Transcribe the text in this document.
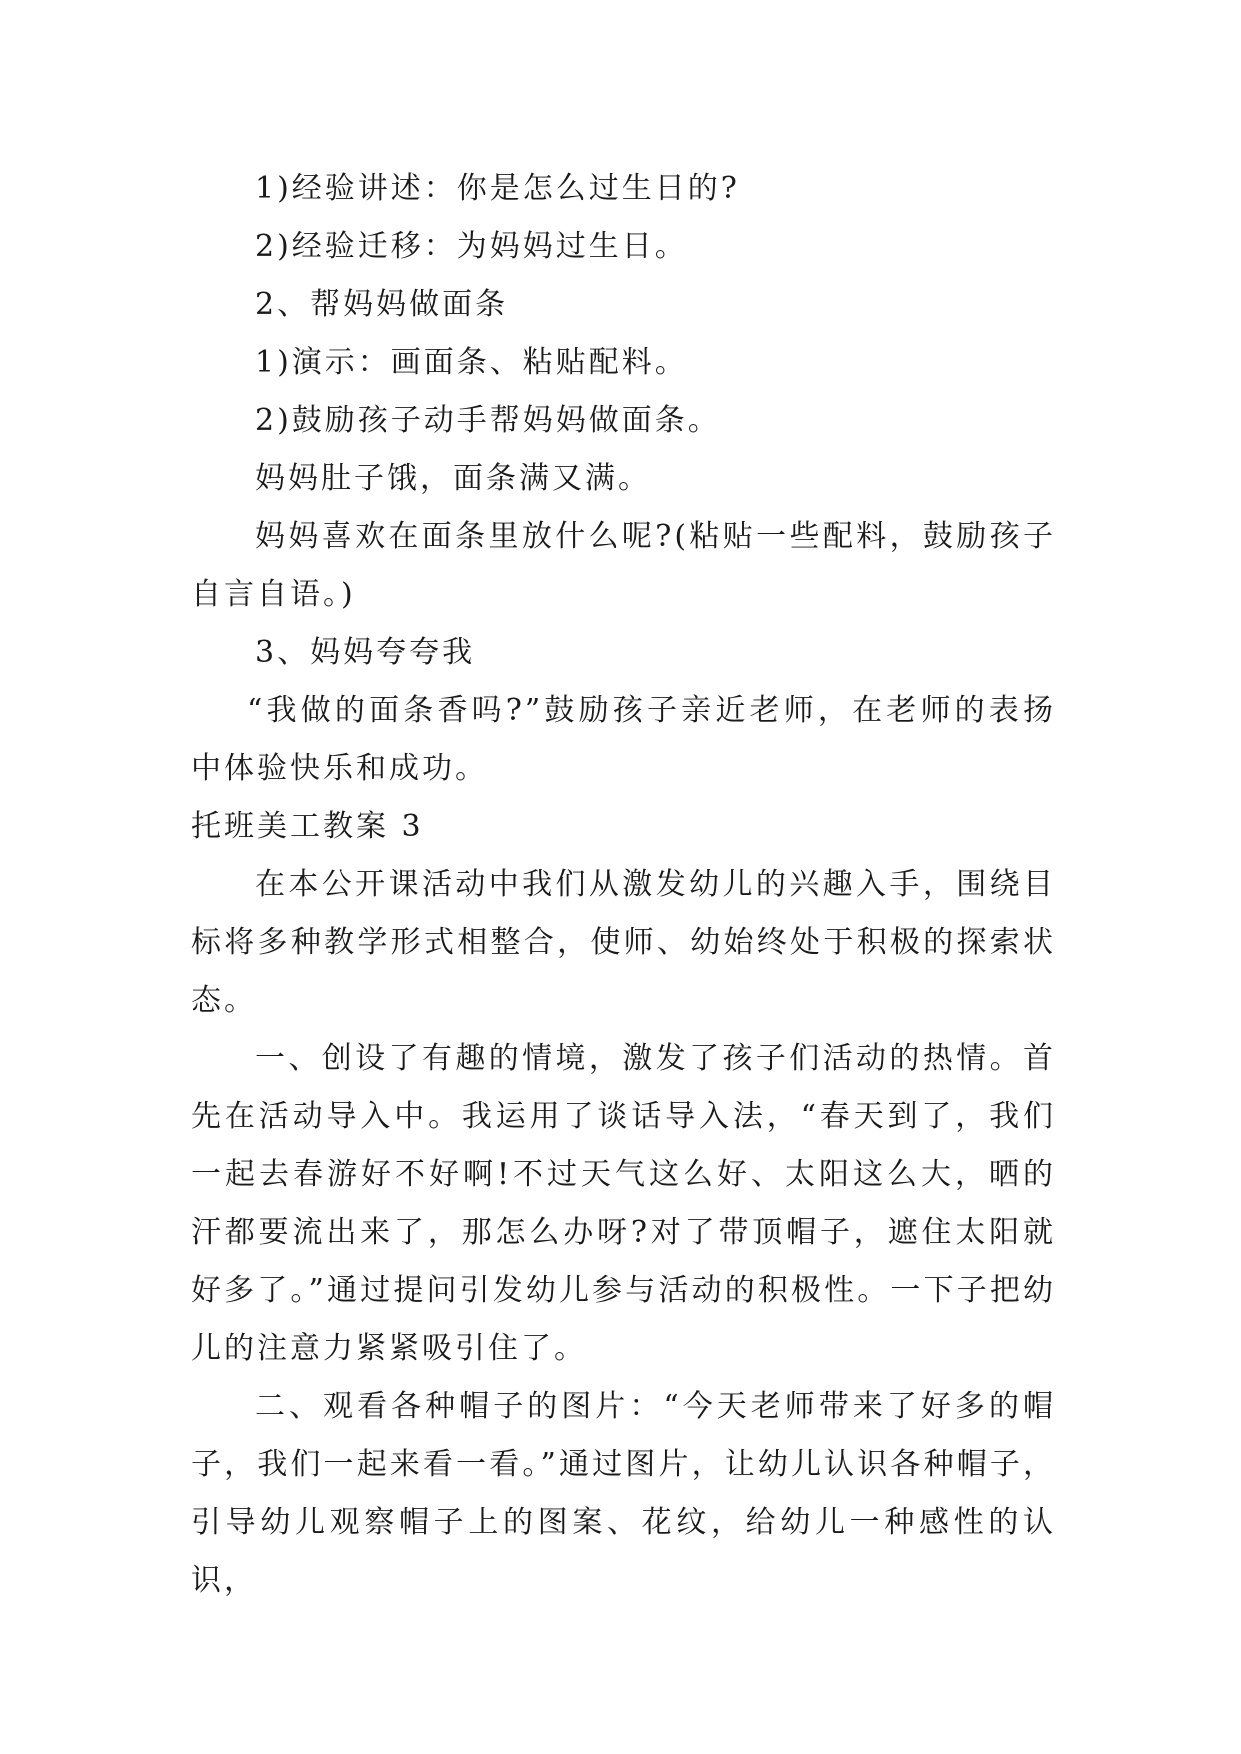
1)经验讲述：你是怎么过生日的?

2)经验迁移：为妈妈过生日。

2、帮妈妈做面条

1)演示：画面条、粘贴配料。

2)鼓励孩子动手帮妈妈做面条。

妈妈肚子饿，面条满又满。

妈妈喜欢在面条里放什么呢?(粘贴一些配料，鼓励孩子自言自语。)

3、妈妈夸夸我

“我做的面条香吗?”鼓励孩子亲近老师，在老师的表扬中体验快乐和成功。

托班美工教案 3

在本公开课活动中我们从激发幼儿的兴趣入手，围绕目标将多种教学形式相整合，使师、幼始终处于积极的探索状态。

一、创设了有趣的情境，激发了孩子们活动的热情。首先在活动导入中。我运用了谈话导入法，“春天到了，我们一起去春游好不好啊!不过天气这么好、太阳这么大，晒的汗都要流出来了，那怎么办呀?对了带顶帽子，遮住太阳就好多了。”通过提问引发幼儿参与活动的积极性。一下子把幼儿的注意力紧紧吸引住了。

二、观看各种帽子的图片：“今天老师带来了好多的帽子，我们一起来看一看。”通过图片，让幼儿认识各种帽子，引导幼儿观察帽子上的图案、花纹，给幼儿一种感性的认识，
